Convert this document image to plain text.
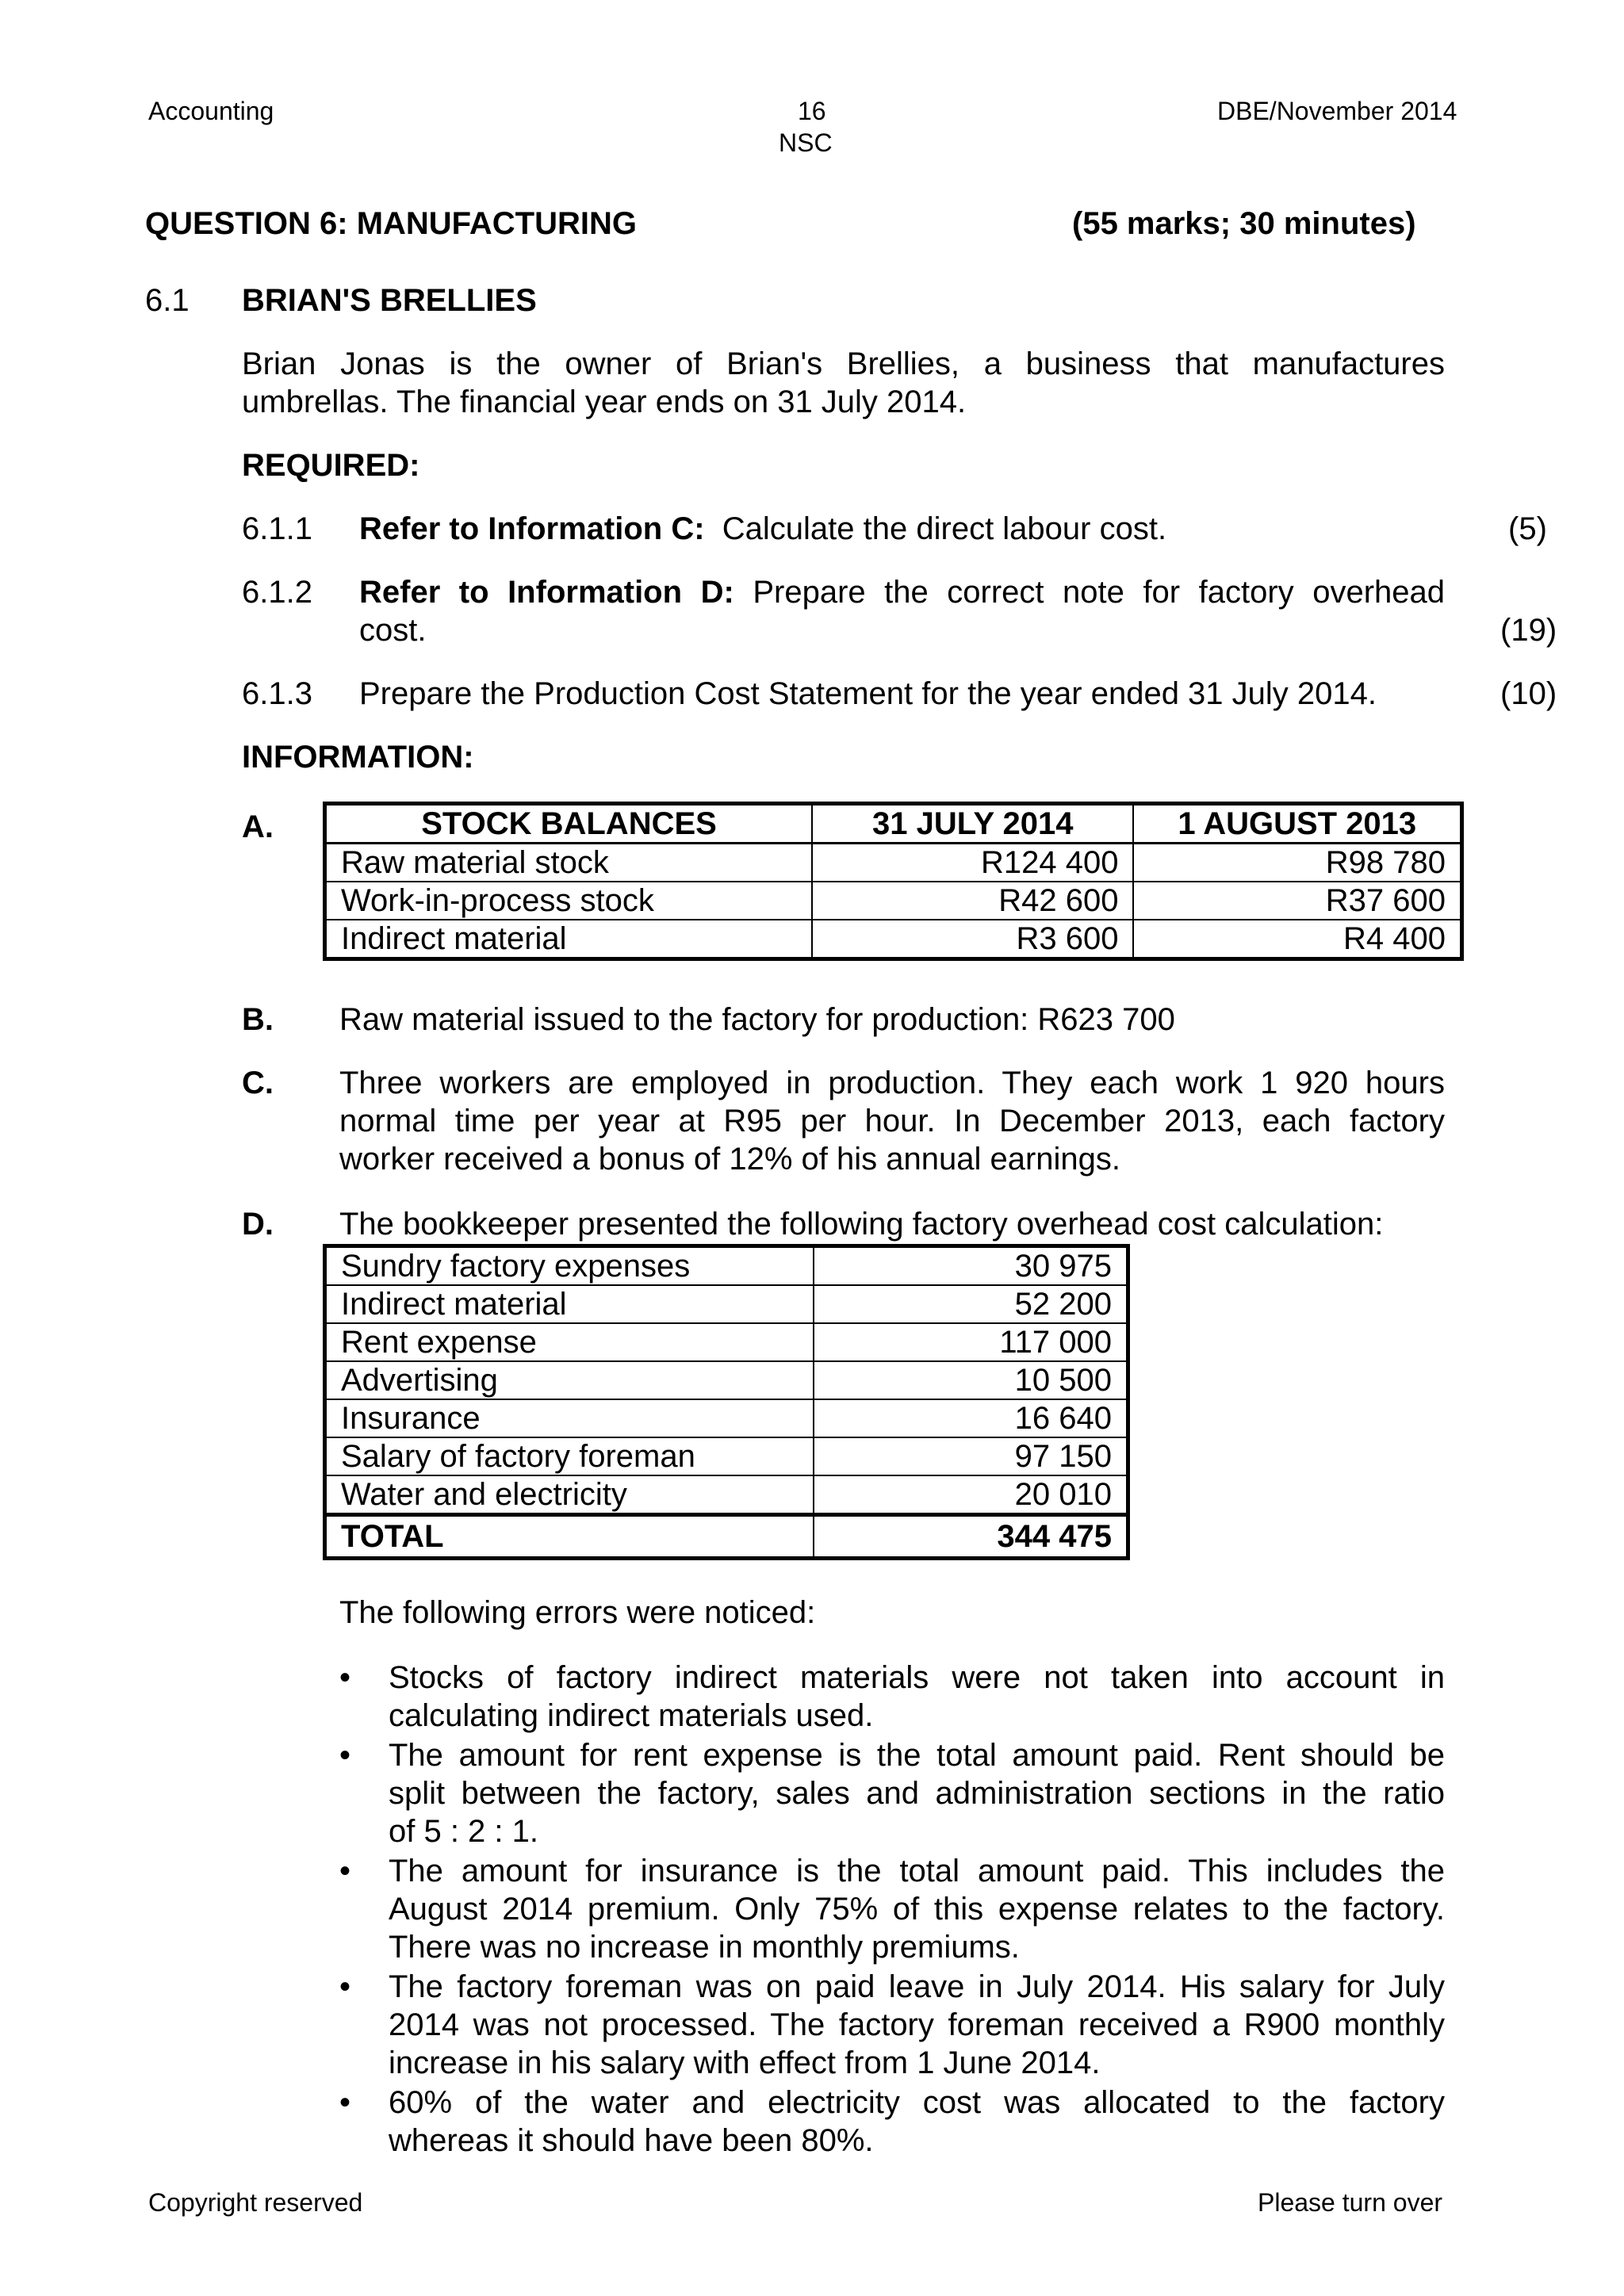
Accounting	16
NSC
DBE/November 2014
QUESTION 6: MANUFACTURING	(55 marks; 30 minutes)
6.1 BRIAN'S BRELLIES
Brian Jonas is the owner of Brian's Brellies, a business that manufactures
umbrellas. The financial year ends on 31 July 2014.
REQUIRED:
6.1.1 Refer to Information C: Calculate the direct labour cost.	(5)
6.1.2 Refer to Information D: Prepare the correct note for factory overhead
cost.	(19)
6.1.3 Prepare the Production Cost Statement for the year ended 31 July 2014.	(10)
INFORMATION:
A.	STOCK BALANCES	31 JULY 2014	1 AUGUST 2013
Raw material stock	R124 400	R98 780
Work-in-process stock	R42 600	R37 600
Indirect material	R3 600	R4 400
B. Raw material issued to the factory for production: R623 700
C. Three workers are employed in production. They each work 1 920 hours
normal time per year at R95 per hour. In December 2013, each factory
worker received a bonus of 12% of his annual earnings.
D. The bookkeeper presented the following factory overhead cost calculation:
Sundry factory expenses	30 975
Indirect material	52 200
Rent expense	117 000
Advertising	10 500
Insurance	16 640
Salary of factory foreman	97 150
Water and electricity	20 010
TOTAL	344 475
The following errors were noticed:
• Stocks of factory indirect materials were not taken into account in
calculating indirect materials used.
• The amount for rent expense is the total amount paid. Rent should be
split between the factory, sales and administration sections in the ratio
of 5 : 2 : 1.
• The amount for insurance is the total amount paid. This includes the
August 2014 premium. Only 75% of this expense relates to the factory.
There was no increase in monthly premiums.
• The factory foreman was on paid leave in July 2014. His salary for July
2014 was not processed. The factory foreman received a R900 monthly
increase in his salary with effect from 1 June 2014.
• 60% of the water and electricity cost was allocated to the factory
whereas it should have been 80%.
Copyright reserved	Please turn over
